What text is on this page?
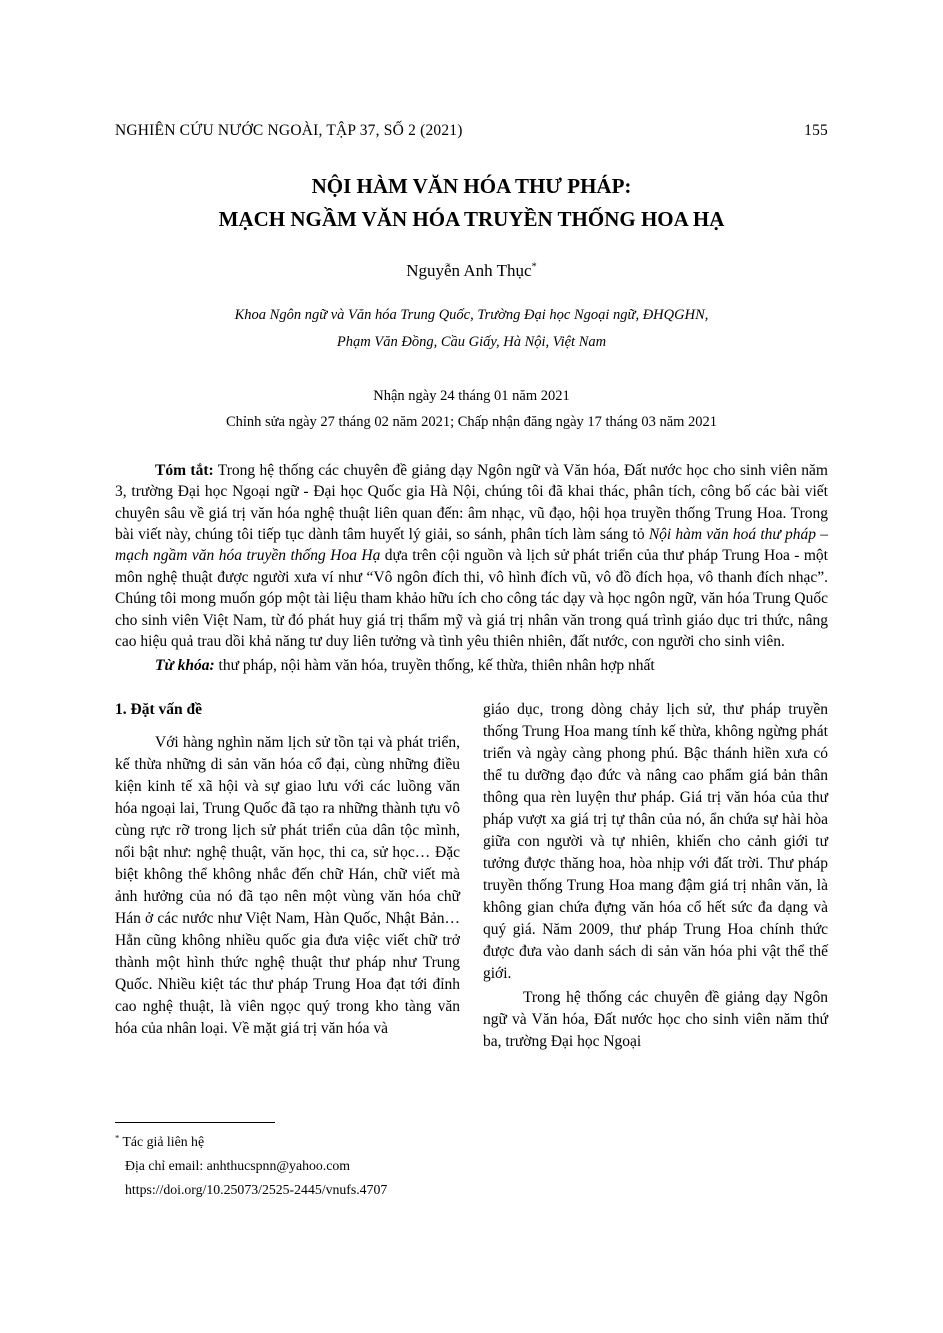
NGHIÊN CỨU NƯỚC NGOÀI, TẬP 37, SỐ 2 (2021)	155
NỘI HÀM VĂN HÓA THƯ PHÁP:
MẠCH NGẦM VĂN HÓA TRUYỀN THỐNG HOA HẠ
Nguyễn Anh Thục*
Khoa Ngôn ngữ và Văn hóa Trung Quốc, Trường Đại học Ngoại ngữ, ĐHQGHN,
Phạm Văn Đồng, Cầu Giấy, Hà Nội, Việt Nam
Nhận ngày 24 tháng 01 năm 2021
Chỉnh sửa ngày 27 tháng 02 năm 2021; Chấp nhận đăng ngày 17 tháng 03 năm 2021

Tóm tắt: Trong hệ thống các chuyên đề giảng dạy Ngôn ngữ và Văn hóa, Đất nước học cho sinh viên năm 3, trường Đại học Ngoại ngữ - Đại học Quốc gia Hà Nội, chúng tôi đã khai thác, phân tích, công bố các bài viết chuyên sâu về giá trị văn hóa nghệ thuật liên quan đến: âm nhạc, vũ đạo, hội họa truyền thống Trung Hoa. Trong bài viết này, chúng tôi tiếp tục dành tâm huyết lý giải, so sánh, phân tích làm sáng tỏ Nội hàm văn hoá thư pháp – mạch ngầm văn hóa truyền thống Hoa Hạ dựa trên cội nguồn và lịch sử phát triển của thư pháp Trung Hoa - một môn nghệ thuật được người xưa ví như “Vô ngôn đích thi, vô hình đích vũ, vô đồ đích họa, vô thanh đích nhạc”. Chúng tôi mong muốn góp một tài liệu tham khảo hữu ích cho công tác dạy và học ngôn ngữ, văn hóa Trung Quốc cho sinh viên Việt Nam, từ đó phát huy giá trị thẩm mỹ và giá trị nhân văn trong quá trình giáo dục tri thức, nâng cao hiệu quả trau dồi khả năng tư duy liên tưởng và tình yêu thiên nhiên, đất nước, con người cho sinh viên.

Từ khóa: thư pháp, nội hàm văn hóa, truyền thống, kế thừa, thiên nhân hợp nhất

1. Đặt vấn đề

Với hàng nghìn năm lịch sử tồn tại và phát triển, kế thừa những di sản văn hóa cổ đại, cùng những điều kiện kinh tế xã hội và sự giao lưu với các luồng văn hóa ngoại lai, Trung Quốc đã tạo ra những thành tựu vô cùng rực rỡ trong lịch sử phát triển của dân tộc mình, nổi bật như: nghệ thuật, văn học, thi ca, sử học… Đặc biệt không thể không nhắc đến chữ Hán, chữ viết mà ảnh hưởng của nó đã tạo nên một vùng văn hóa chữ Hán ở các nước như Việt Nam, Hàn Quốc, Nhật Bản… Hẳn cũng không nhiều quốc gia đưa việc viết chữ trở thành một hình thức nghệ thuật thư pháp như Trung Quốc. Nhiều kiệt tác thư pháp Trung Hoa đạt tới đỉnh cao nghệ thuật, là viên ngọc quý trong kho tàng văn hóa của nhân loại. Về mặt giá trị văn hóa và

giáo dục, trong dòng chảy lịch sử, thư pháp truyền thống Trung Hoa mang tính kế thừa, không ngừng phát triển và ngày càng phong phú. Bậc thánh hiền xưa có thể tu dưỡng đạo đức và nâng cao phẩm giá bản thân thông qua rèn luyện thư pháp. Giá trị văn hóa của thư pháp vượt xa giá trị tự thân của nó, ẩn chứa sự hài hòa giữa con người và tự nhiên, khiến cho cảnh giới tư tưởng được thăng hoa, hòa nhịp với đất trời. Thư pháp truyền thống Trung Hoa mang đậm giá trị nhân văn, là không gian chứa đựng văn hóa cổ hết sức đa dạng và quý giá. Năm 2009, thư pháp Trung Hoa chính thức được đưa vào danh sách di sản văn hóa phi vật thể thế giới.

Trong hệ thống các chuyên đề giảng dạy Ngôn ngữ và Văn hóa, Đất nước học cho sinh viên năm thứ ba, trường Đại học Ngoại

* Tác giả liên hệ
Địa chỉ email: anhthucspnn@yahoo.com
https://doi.org/10.25073/2525-2445/vnufs.4707
